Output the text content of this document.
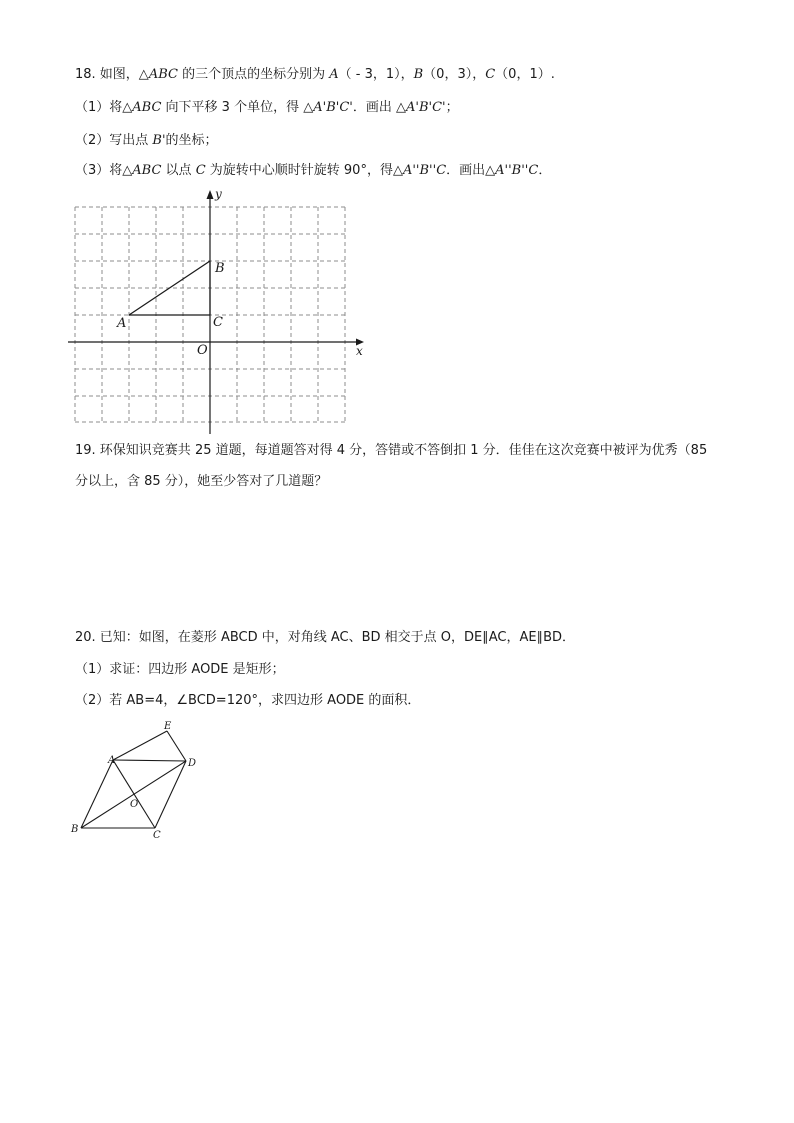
18. 如图，△ABC 的三个顶点的坐标分别为 A（ - 3，1），B（0，3），C（0，1）.
（1）将△ABC 向下平移 3 个单位，得 △A'B'C'．画出 △A'B'C'；
（2）写出点 B'的坐标；
（3）将△ABC 以点 C 为旋转中心顺时针旋转 90°，得△A''B''C．画出△A''B''C．
A
B
C
O	x
y
19. 环保知识竞赛共 25 道题，每道题答对得 4 分，答错或不答倒扣 1 分．佳佳在这次竞赛中被评为优秀（85
分以上，含 85 分），她至少答对了几道题？
20. 已知：如图，在菱形 ABCD 中，对角线 AC、BD 相交于点 O，DE∥AC，AE∥BD．
（1）求证：四边形 AODE 是矩形；
（2）若 AB=4，∠BCD=120°，求四边形 AODE 的面积．
E
A	D
O
B
C
